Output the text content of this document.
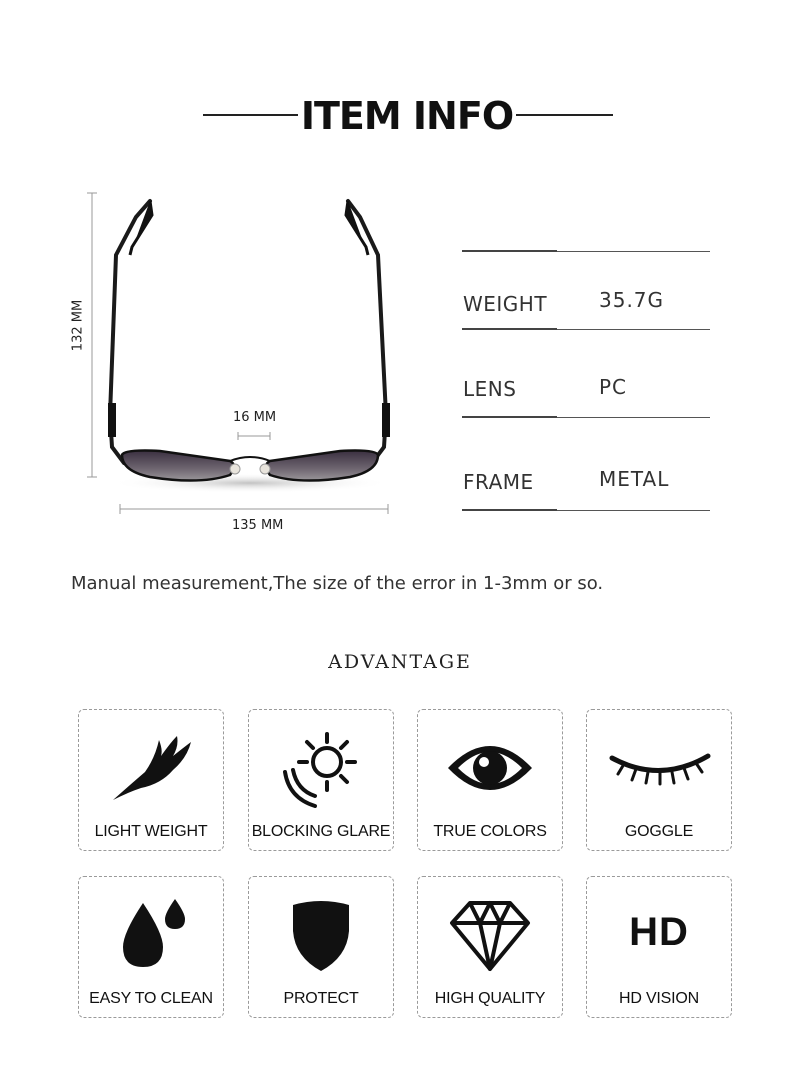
ITEM INFO
132 MM
16 MM
135 MM
WEIGHT	35.7G
LENS	PC
FRAME	METAL
Manual measurement,The size of the error in 1-3mm or so.
ADVANTAGE
LIGHT WEIGHT	BLOCKING GLARE	TRUE COLORS	GOGGLE
EASY TO CLEAN	PROTECT	HIGH QUALITY
HD
HD VISION
